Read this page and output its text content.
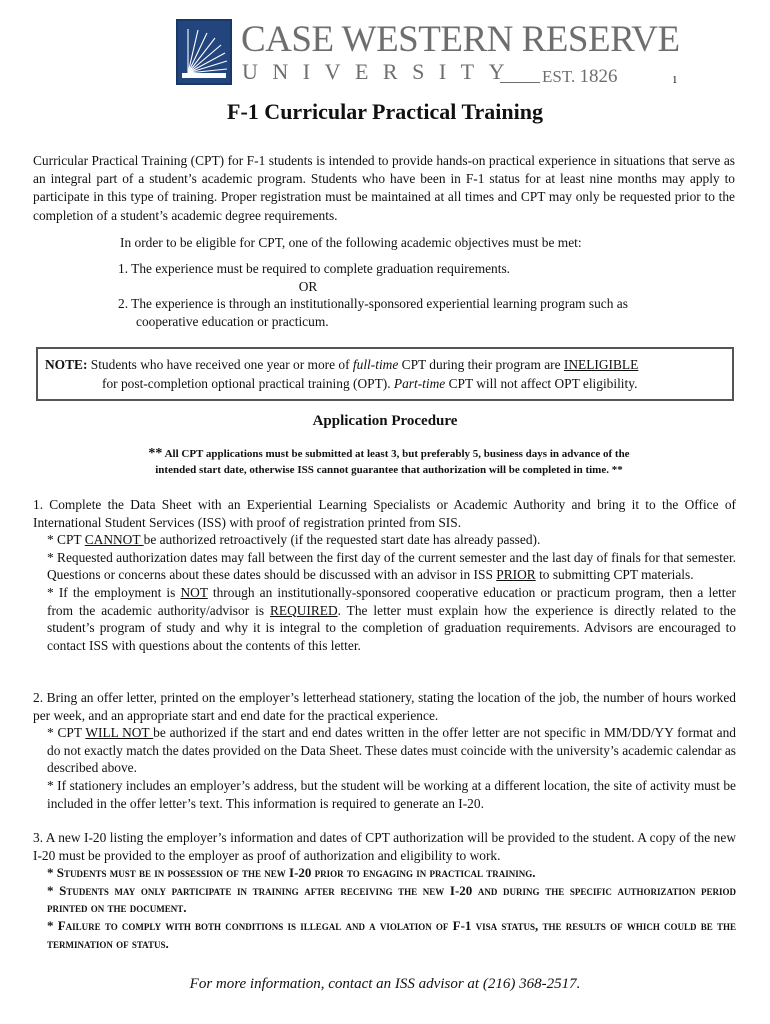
CASE WESTERN RESERVE
UNIVERSITY EST. 1826	1
F-1 Curricular Practical Training
Curricular Practical Training (CPT) for F-1 students is intended to provide hands-on practical experience in situations that serve as an integral part of a student’s academic program. Students who have been in F-1 status for at least nine months may apply to participate in this type of training. Proper registration must be maintained at all times and CPT may only be requested prior to the completion of a student’s academic degree requirements.
In order to be eligible for CPT, one of the following academic objectives must be met:
1. The experience must be required to complete graduation requirements.
OR
2. The experience is through an institutionally-sponsored experiential learning program such as
cooperative education or practicum.
NOTE: Students who have received one year or more of full-time CPT during their program are INELIGIBLE
for post-completion optional practical training (OPT). Part-time CPT will not affect OPT eligibility.
Application Procedure
** All CPT applications must be submitted at least 3, but preferably 5, business days in advance of the
intended start date, otherwise ISS cannot guarantee that authorization will be completed in time. **

1. Complete the Data Sheet with an Experiential Learning Specialists or Academic Authority and bring it to the Office of International Student Services (ISS) with proof of registration printed from SIS.

* CPT CANNOT be authorized retroactively (if the requested start date has already passed).

* Requested authorization dates may fall between the first day of the current semester and the last day of finals for that semester. Questions or concerns about these dates should be discussed with an advisor in ISS PRIOR to submitting CPT materials.

* If the employment is NOT through an institutionally-sponsored cooperative education or practicum program, then a letter from the academic authority/advisor is REQUIRED. The letter must explain how the experience is directly related to the student’s program of study and why it is integral to the completion of graduation requirements. Advisors are encouraged to contact ISS with questions about the contents of this letter.

2. Bring an offer letter, printed on the employer’s letterhead stationery, stating the location of the job, the number of hours worked per week, and an appropriate start and end date for the practical experience.

* CPT WILL NOT be authorized if the start and end dates written in the offer letter are not specific in MM/DD/YY format and do not exactly match the dates provided on the Data Sheet. These dates must coincide with the university’s academic calendar as described above.

* If stationery includes an employer’s address, but the student will be working at a different location, the site of activity must be included in the offer letter’s text. This information is required to generate an I-20.

3. A new I-20 listing the employer’s information and dates of CPT authorization will be provided to the student. A copy of the new I-20 must be provided to the employer as proof of authorization and eligibility to work.

* Students must be in possession of the new I-20 prior to engaging in practical training.

* Students may only participate in training after receiving the new I-20 and during the specific authorization period printed on the document.

* Failure to comply with both conditions is illegal and a violation of F-1 visa status, the results of which could be the termination of status.

For more information, contact an ISS advisor at (216) 368-2517.
